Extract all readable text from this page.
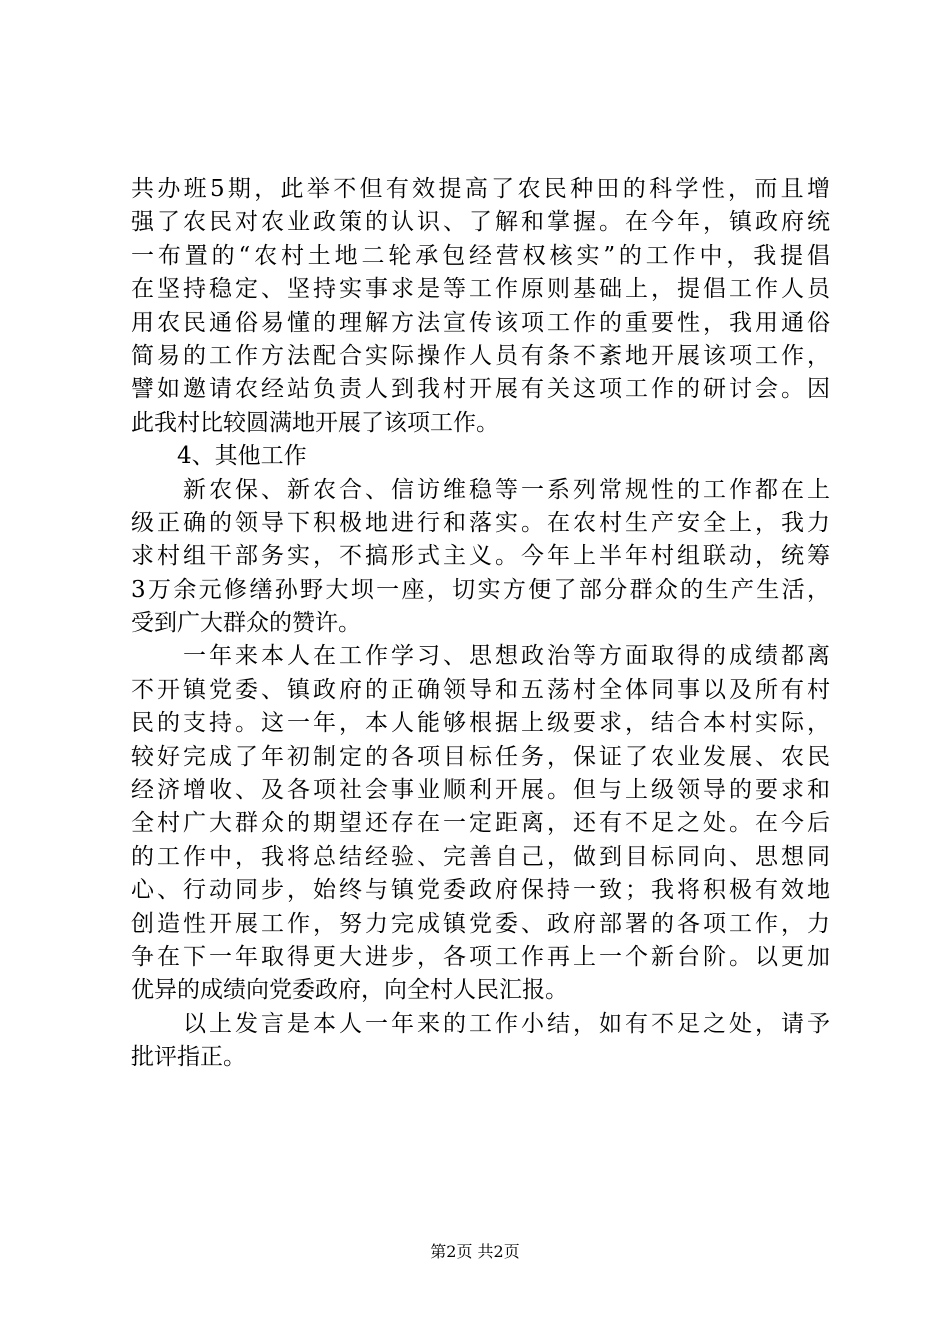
共办班5期，此举不但有效提高了农民种田的科学性，而且增
强了农民对农业政策的认识、了解和掌握。在今年，镇政府统
一布置的“农村土地二轮承包经营权核实”的工作中，我提倡
在坚持稳定、坚持实事求是等工作原则基础上，提倡工作人员
用农民通俗易懂的理解方法宣传该项工作的重要性，我用通俗
简易的工作方法配合实际操作人员有条不紊地开展该项工作，
譬如邀请农经站负责人到我村开展有关这项工作的研讨会。因
此我村比较圆满地开展了该项工作。
　　4、其他工作
　　新农保、新农合、信访维稳等一系列常规性的工作都在上
级正确的领导下积极地进行和落实。在农村生产安全上，我力
求村组干部务实，不搞形式主义。今年上半年村组联动，统筹
3万余元修缮孙野大坝一座，切实方便了部分群众的生产生活，
受到广大群众的赞许。
　　一年来本人在工作学习、思想政治等方面取得的成绩都离
不开镇党委、镇政府的正确领导和五荡村全体同事以及所有村
民的支持。这一年，本人能够根据上级要求，结合本村实际，
较好完成了年初制定的各项目标任务，保证了农业发展、农民
经济增收、及各项社会事业顺利开展。但与上级领导的要求和
全村广大群众的期望还存在一定距离，还有不足之处。在今后
的工作中，我将总结经验、完善自己，做到目标同向、思想同
心、行动同步，始终与镇党委政府保持一致；我将积极有效地
创造性开展工作，努力完成镇党委、政府部署的各项工作，力
争在下一年取得更大进步，各项工作再上一个新台阶。以更加
优异的成绩向党委政府，向全村人民汇报。
　　以上发言是本人一年来的工作小结，如有不足之处，请予
批评指正。
第2页 共2页
